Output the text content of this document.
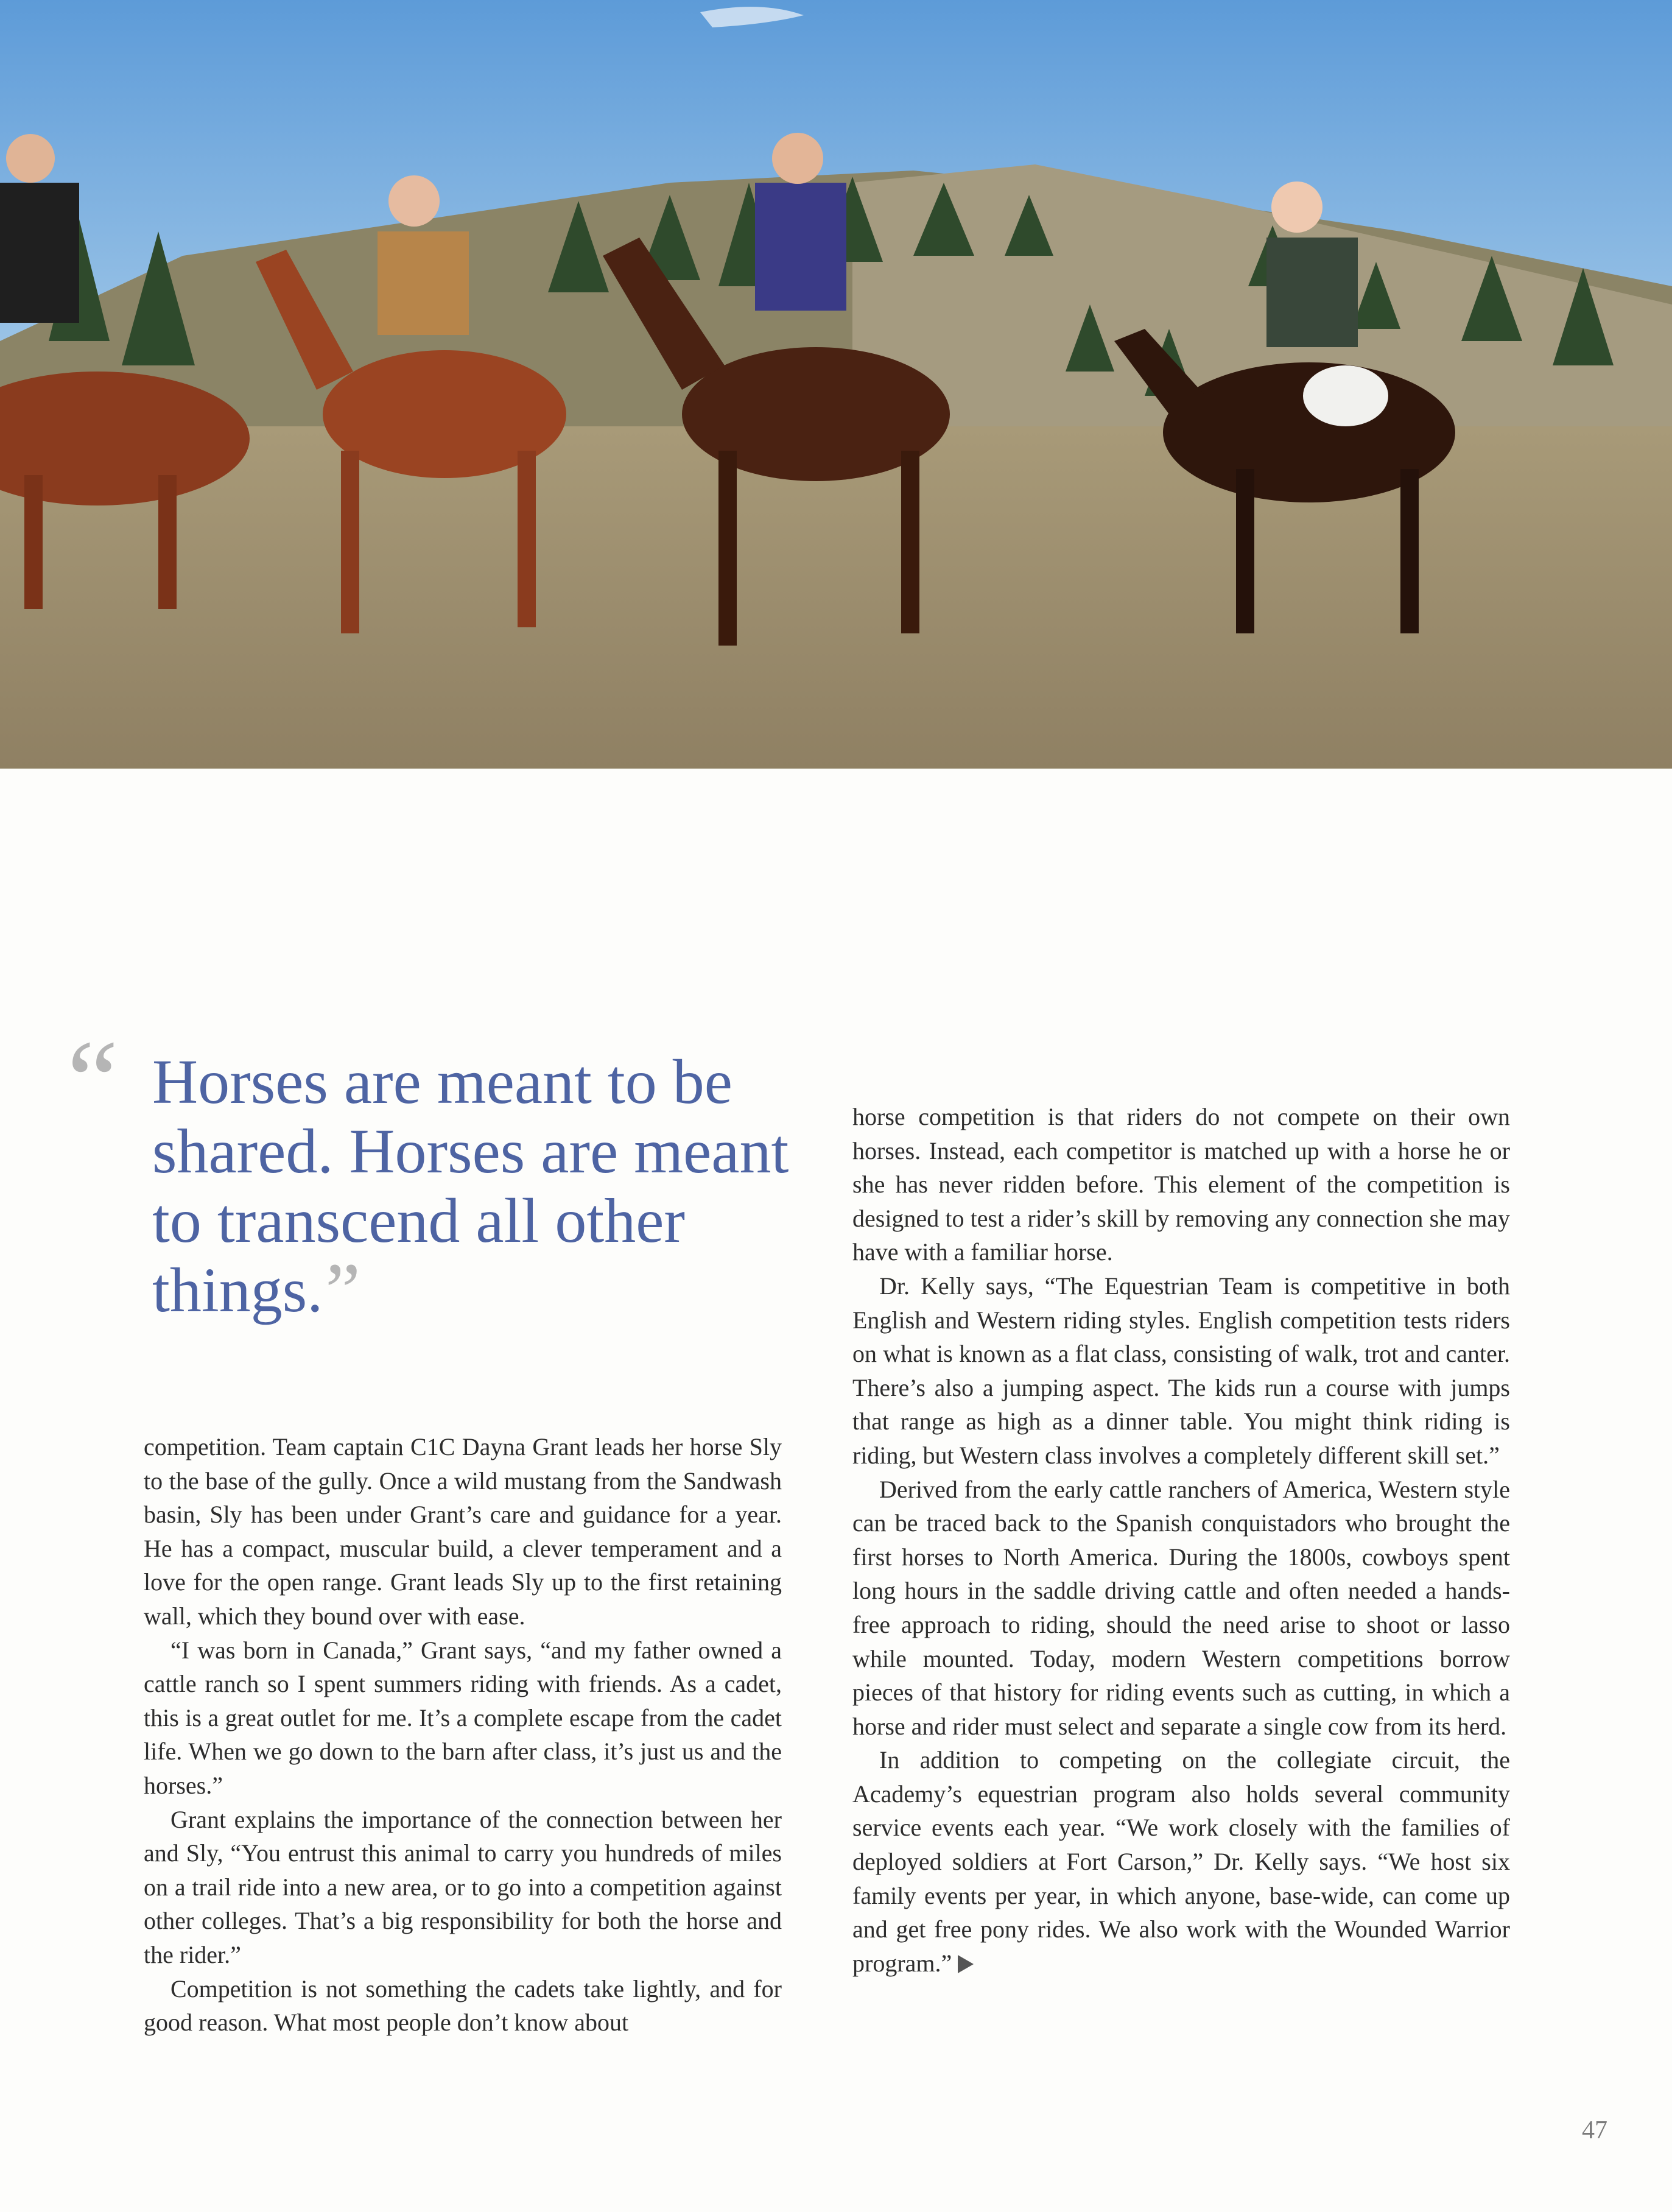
“ Horses are meant to be shared. Horses are meant to transcend all other things.”

competition. Team captain C1C Dayna Grant leads her horse Sly to the base of the gully. Once a wild mustang from the Sandwash basin, Sly has been under Grant’s care and guidance for a year. He has a compact, muscular build, a clever temperament and a love for the open range. Grant leads Sly up to the first retaining wall, which they bound over with ease.

“I was born in Canada,” Grant says, “and my father owned a cattle ranch so I spent summers riding with friends. As a cadet, this is a great outlet for me. It’s a complete escape from the cadet life. When we go down to the barn after class, it’s just us and the horses.”

Grant explains the importance of the connection between her and Sly, “You entrust this animal to carry you hundreds of miles on a trail ride into a new area, or to go into a competition against other colleges. That’s a big responsibility for both the horse and the rider.”

Competition is not something the cadets take lightly, and for good reason. What most people don’t know about

horse competition is that riders do not compete on their own horses. Instead, each competitor is matched up with a horse he or she has never ridden before. This element of the competition is designed to test a rider’s skill by removing any connection she may have with a familiar horse.

Dr. Kelly says, “The Equestrian Team is competitive in both English and Western riding styles. English competition tests riders on what is known as a flat class, consisting of walk, trot and canter. There’s also a jumping aspect. The kids run a course with jumps that range as high as a dinner table. You might think riding is riding, but Western class involves a completely different skill set.”

Derived from the early cattle ranchers of America, Western style can be traced back to the Spanish conquistadors who brought the first horses to North America. During the 1800s, cowboys spent long hours in the saddle driving cattle and often needed a hands-free approach to riding, should the need arise to shoot or lasso while mounted. Today, modern Western competitions borrow pieces of that history for riding events such as cutting, in which a horse and rider must select and separate a single cow from its herd.

In addition to competing on the collegiate circuit, the Academy’s equestrian program also holds several community service events each year. “We work closely with the families of deployed soldiers at Fort Carson,” Dr. Kelly says. “We host six family events per year, in which anyone, base-wide, can come up and get free pony rides. We also work with the Wounded Warrior program.”

47
